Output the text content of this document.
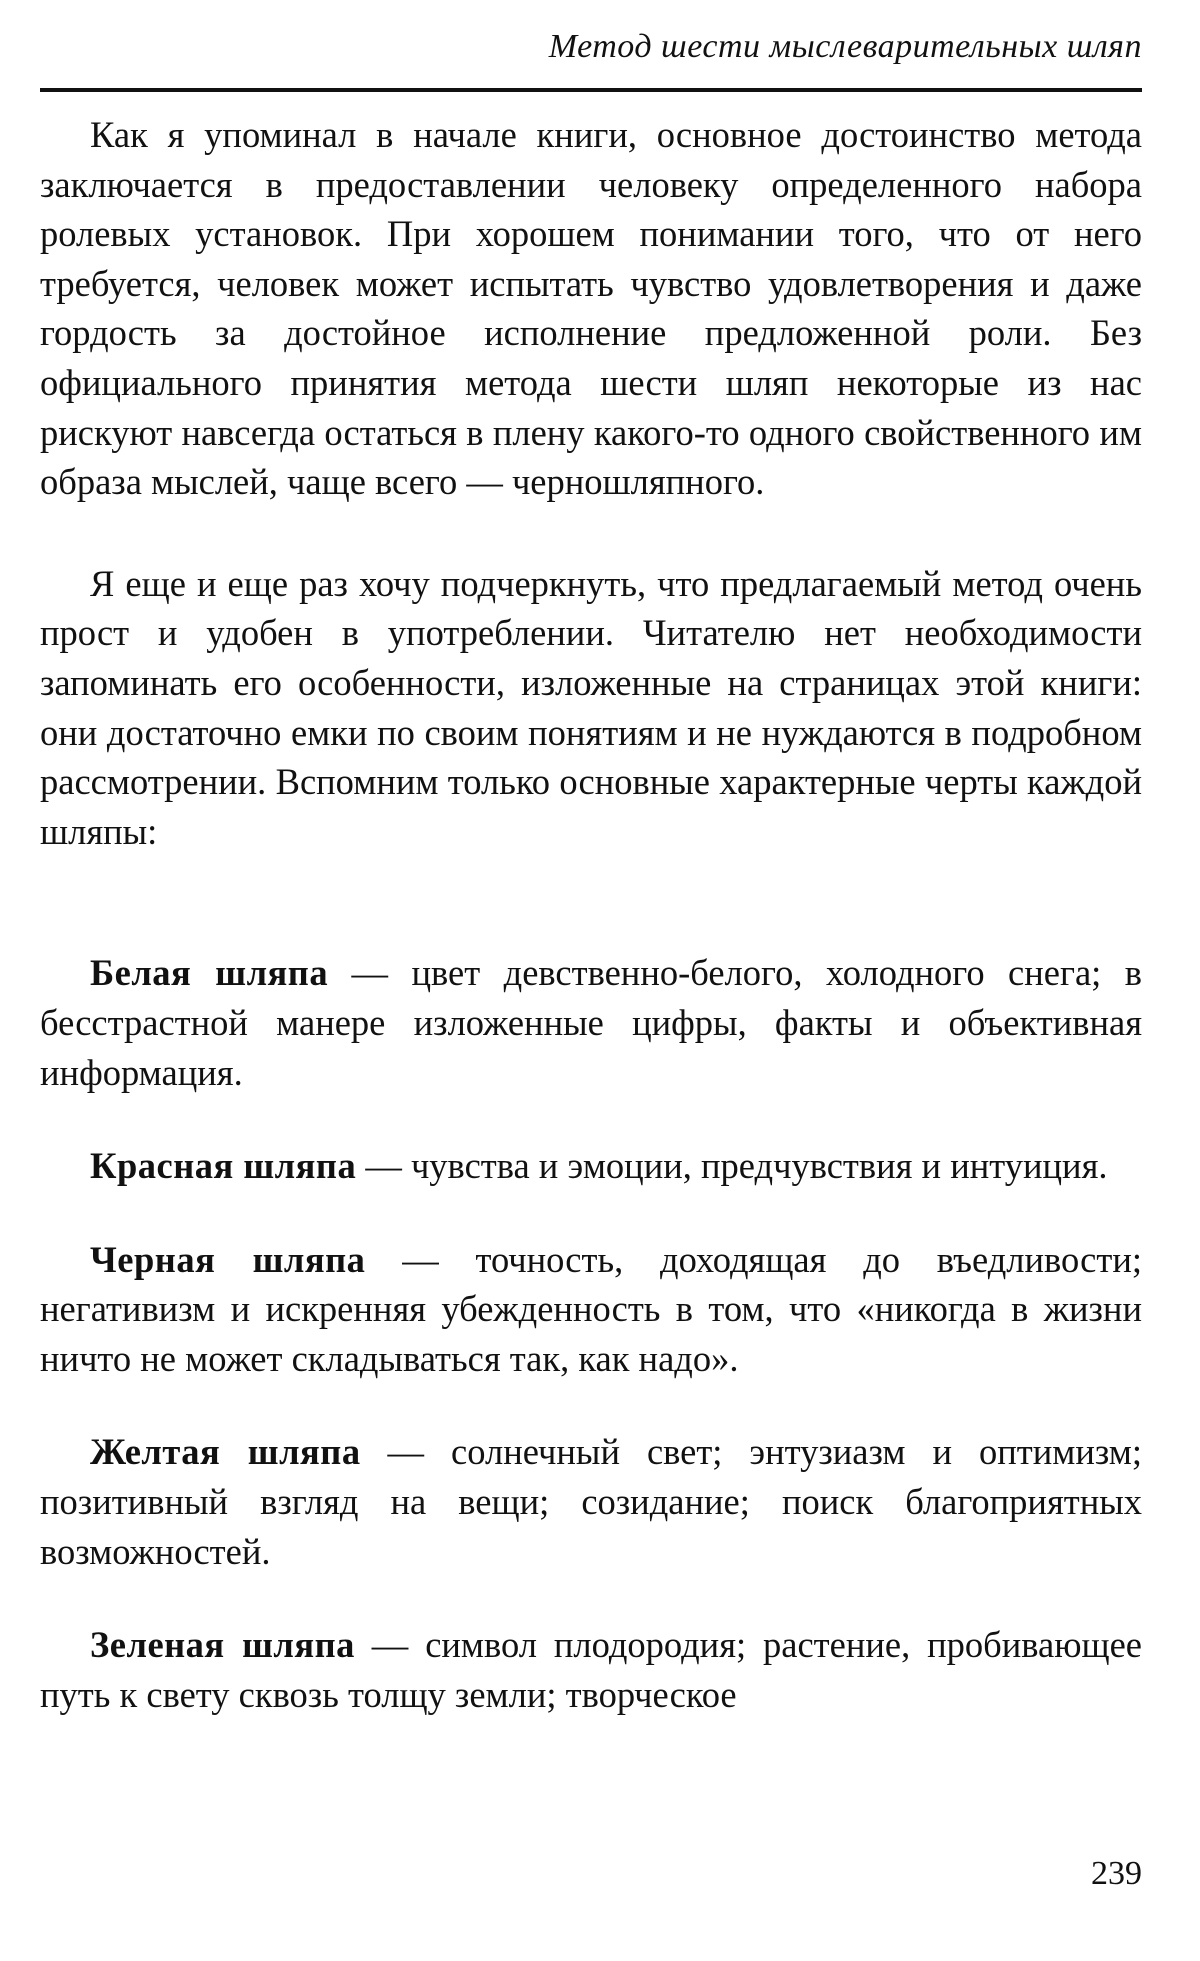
Метод шести мыслеварительных шляп

Как я упоминал в начале книги, основное достоинство метода заключается в предоставлении человеку определенного набора ролевых установок. При хорошем понимании того, что от него требуется, человек может испытать чувство удовлетворения и даже гордость за достойное исполнение предложенной роли. Без официального принятия метода шести шляп некоторые из нас рискуют навсегда остаться в плену какого-то одного свойственного им образа мыслей, чаще всего — черношляпного.

Я еще и еще раз хочу подчеркнуть, что предлагаемый метод очень прост и удобен в употреблении. Читателю нет необходимости запоминать его особенности, изложенные на страницах этой книги: они достаточно емки по своим понятиям и не нуждаются в подробном рассмотрении. Вспомним только основные характерные черты каждой шляпы:

Белая шляпа — цвет девственно-белого, холодного снега; в бесстрастной манере изложенные цифры, факты и объективная информация.

Красная шляпа — чувства и эмоции, предчувствия и интуиция.

Черная шляпа — точность, доходящая до въедливости; негативизм и искренняя убежденность в том, что «никогда в жизни ничто не может складываться так, как надо».

Желтая шляпа — солнечный свет; энтузиазм и оптимизм; позитивный взгляд на вещи; созидание; поиск благоприятных возможностей.

Зеленая шляпа — символ плодородия; растение, пробивающее путь к свету сквозь толщу земли; творческое

239
